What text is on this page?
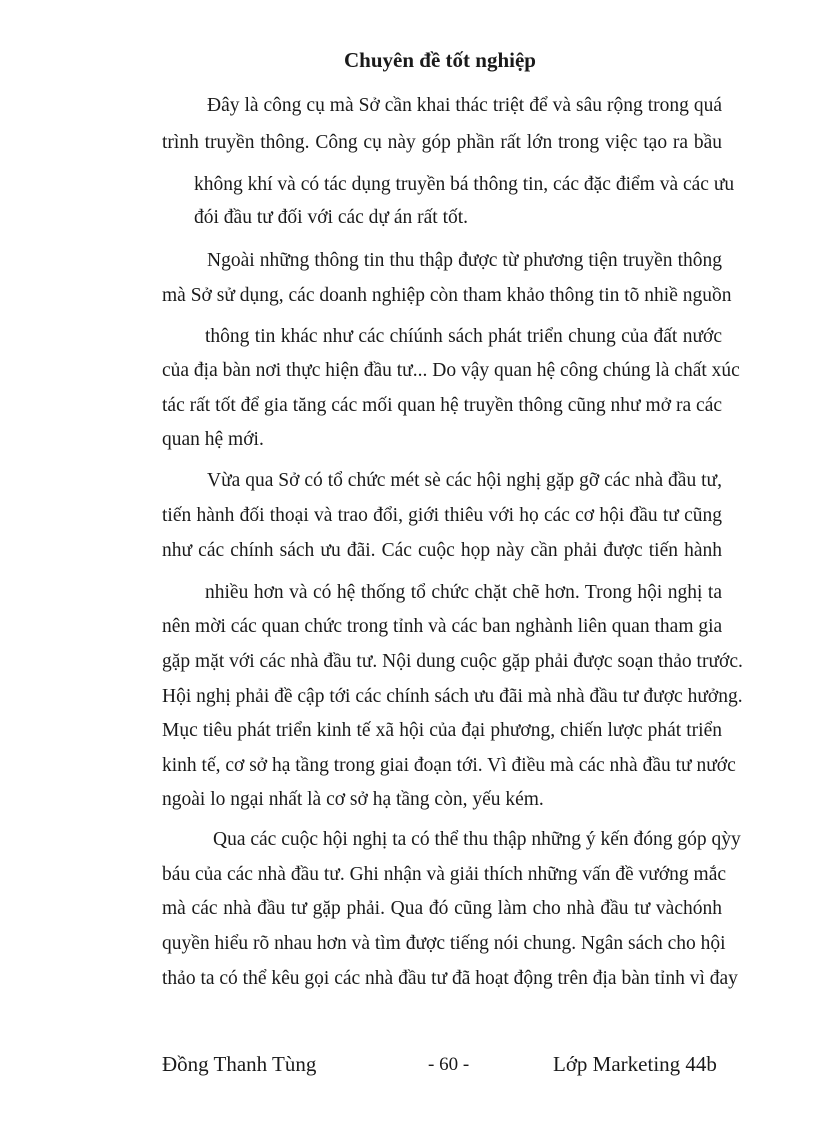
Chuyên đề tốt nghiệp

Đây là công cụ mà Sở cần khai thác triệt để và sâu rộng trong quá

trình truyền thông. Công cụ này góp phần rất lớn trong việc tạo ra bầu

không khí và có tác dụng truyền bá thông tin, các đặc điểm và các ưu

đói đầu tư đối với các dự án rất tốt.

Ngoài những thông tin thu thập được từ phương tiện truyền thông

mà Sở sử dụng, các doanh nghiệp còn tham khảo thông tin tõ nhiề nguồn

thông tin khác như các chíúnh sách phát triển chung của đất nước

của địa bàn nơi thực hiện đầu tư... Do vậy quan hệ công chúng là chất xúc

tác rất tốt để gia tăng các mối quan hệ truyền thông cũng như mở ra các

quan hệ mới.

Vừa qua Sở có tổ chức mét sè các hội nghị gặp gỡ các nhà đầu tư,

tiến hành đối thoại và trao đổi, giới thiêu với họ các cơ hội đầu tư cũng

như các chính sách ưu đãi. Các cuộc họp này cần phải được tiến hành

nhiều hơn và có hệ thống tổ chức chặt chẽ hơn. Trong hội nghị ta

nên mời các quan chức trong tỉnh và các ban nghành liên quan tham gia

gặp mặt với các nhà đầu tư. Nội dung cuộc gặp phải được soạn thảo trước.

Hội nghị phải đề cập tới các chính sách ưu đãi mà nhà đầu tư được hưởng.

Mục tiêu phát triển kinh tế xã hội của đại phương, chiến lược phát triển

kinh tế, cơ sở hạ tầng trong giai đoạn tới. Vì điều mà các nhà đầu tư nước

ngoài lo ngại nhất là cơ sở hạ tầng còn, yếu kém.

Qua các cuộc hội nghị ta có thể thu thập những ý kến đóng góp qỳy

báu của các nhà đầu tư. Ghi nhận và giải thích những vấn đề vướng mắc

mà các nhà đầu tư gặp phải. Qua đó cũng làm cho nhà đầu tư vàchónh

quyền hiểu rõ nhau hơn và tìm được tiếng nói chung. Ngân sách cho hội

thảo ta có thể kêu gọi các nhà đầu tư đã hoạt động trên địa bàn tỉnh vì đay

Đồng Thanh Tùng	- 60 -	Lớp Marketing 44b
